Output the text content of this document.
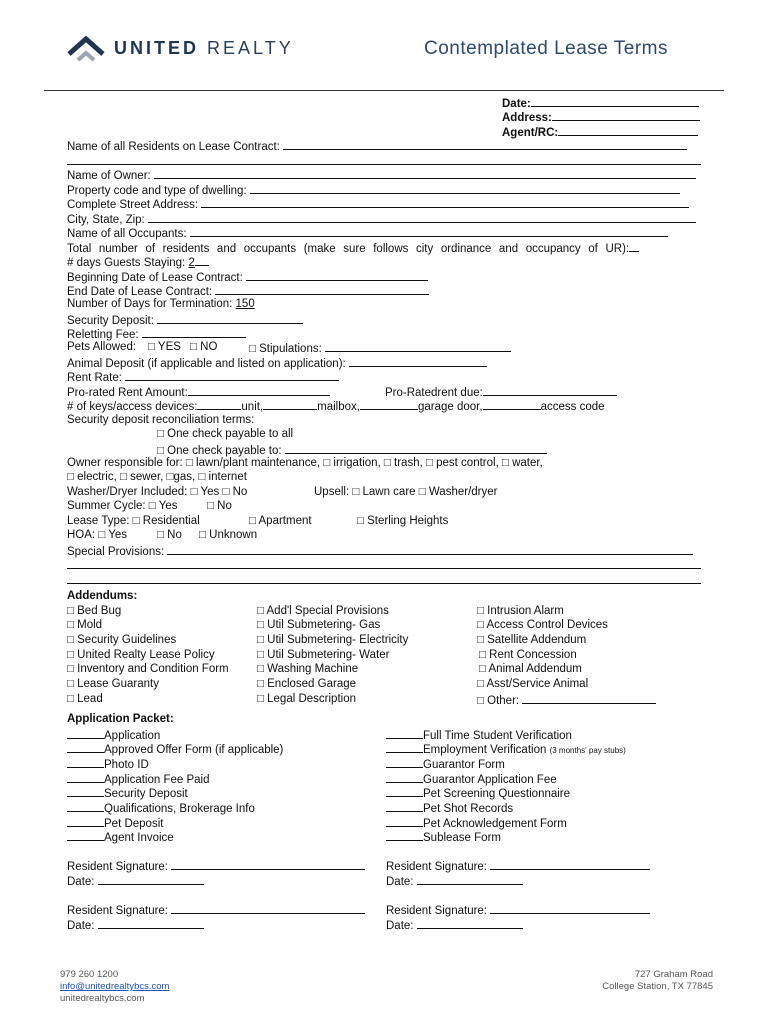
UNITED REALTY	Contemplated Lease Terms
Date:
Address:
Agent/RC:
Name of all Residents on Lease Contract:
Name of Owner:
Property code and type of dwelling:
Complete Street Address:
City, State, Zip:
Name of all Occupants:
Total number of residents and occupants (make sure follows city ordinance and occupancy of UR):
# days Guests Staying: 2
Beginning Date of Lease Contract:
End Date of Lease Contract:
Number of Days for Termination: 150
Security Deposit:
Reletting Fee:
Pets Allowed: □ YES □ NO	□ Stipulations:
Animal Deposit (if applicable and listed on application):
Rent Rate:
Pro-rated Rent Amount:	Pro-Ratedrent due:
# of keys/access devices:	unit,	mailbox,	garage door,	access code
Security deposit reconciliation terms:
□ One check payable to all
□ One check payable to:
Owner responsible for: □ lawn/plant maintenance, □ irrigation, □ trash, □ pest control, □ water,
□ electric, □ sewer, □gas, □ internet
Washer/Dryer Included: □ Yes □ No	Upsell: □ Lawn care □ Washer/dryer
Summer Cycle: □ Yes	□ No
Lease Type: □ Residential	□ Apartment	□ Sterling Heights
HOA: □ Yes	□ No □ Unknown
Special Provisions:
Addendums:
□ Bed Bug
□ Mold
□ Security Guidelines
□ United Realty Lease Policy
□ Inventory and Condition Form
□ Lease Guaranty
□ Lead
□ Add'l Special Provisions
□ Util Submetering- Gas
□ Util Submetering- Electricity
□ Util Submetering- Water
□ Washing Machine
□ Enclosed Garage
□ Legal Description
□ Intrusion Alarm
□ Access Control Devices
□ Satellite Addendum
□ Rent Concession
□ Animal Addendum
□ Asst/Service Animal
□ Other:
Application Packet:
Application
Approved Offer Form (if applicable)
Photo ID
Application Fee Paid
Security Deposit
Qualifications, Brokerage Info
Pet Deposit
Agent Invoice
Full Time Student Verification
Employment Verification (3 months' pay stubs)
Guarantor Form
Guarantor Application Fee
Pet Screening Questionnaire
Pet Shot Records
Pet Acknowledgement Form
Sublease Form
Resident Signature:
Date:
Resident Signature:
Date:
Resident Signature:
Date:
Resident Signature:
Date:
979 260 1200
info@unitedrealtybcs.com
unitedrealtybcs.com
727 Graham Road
College Station, TX 77845
